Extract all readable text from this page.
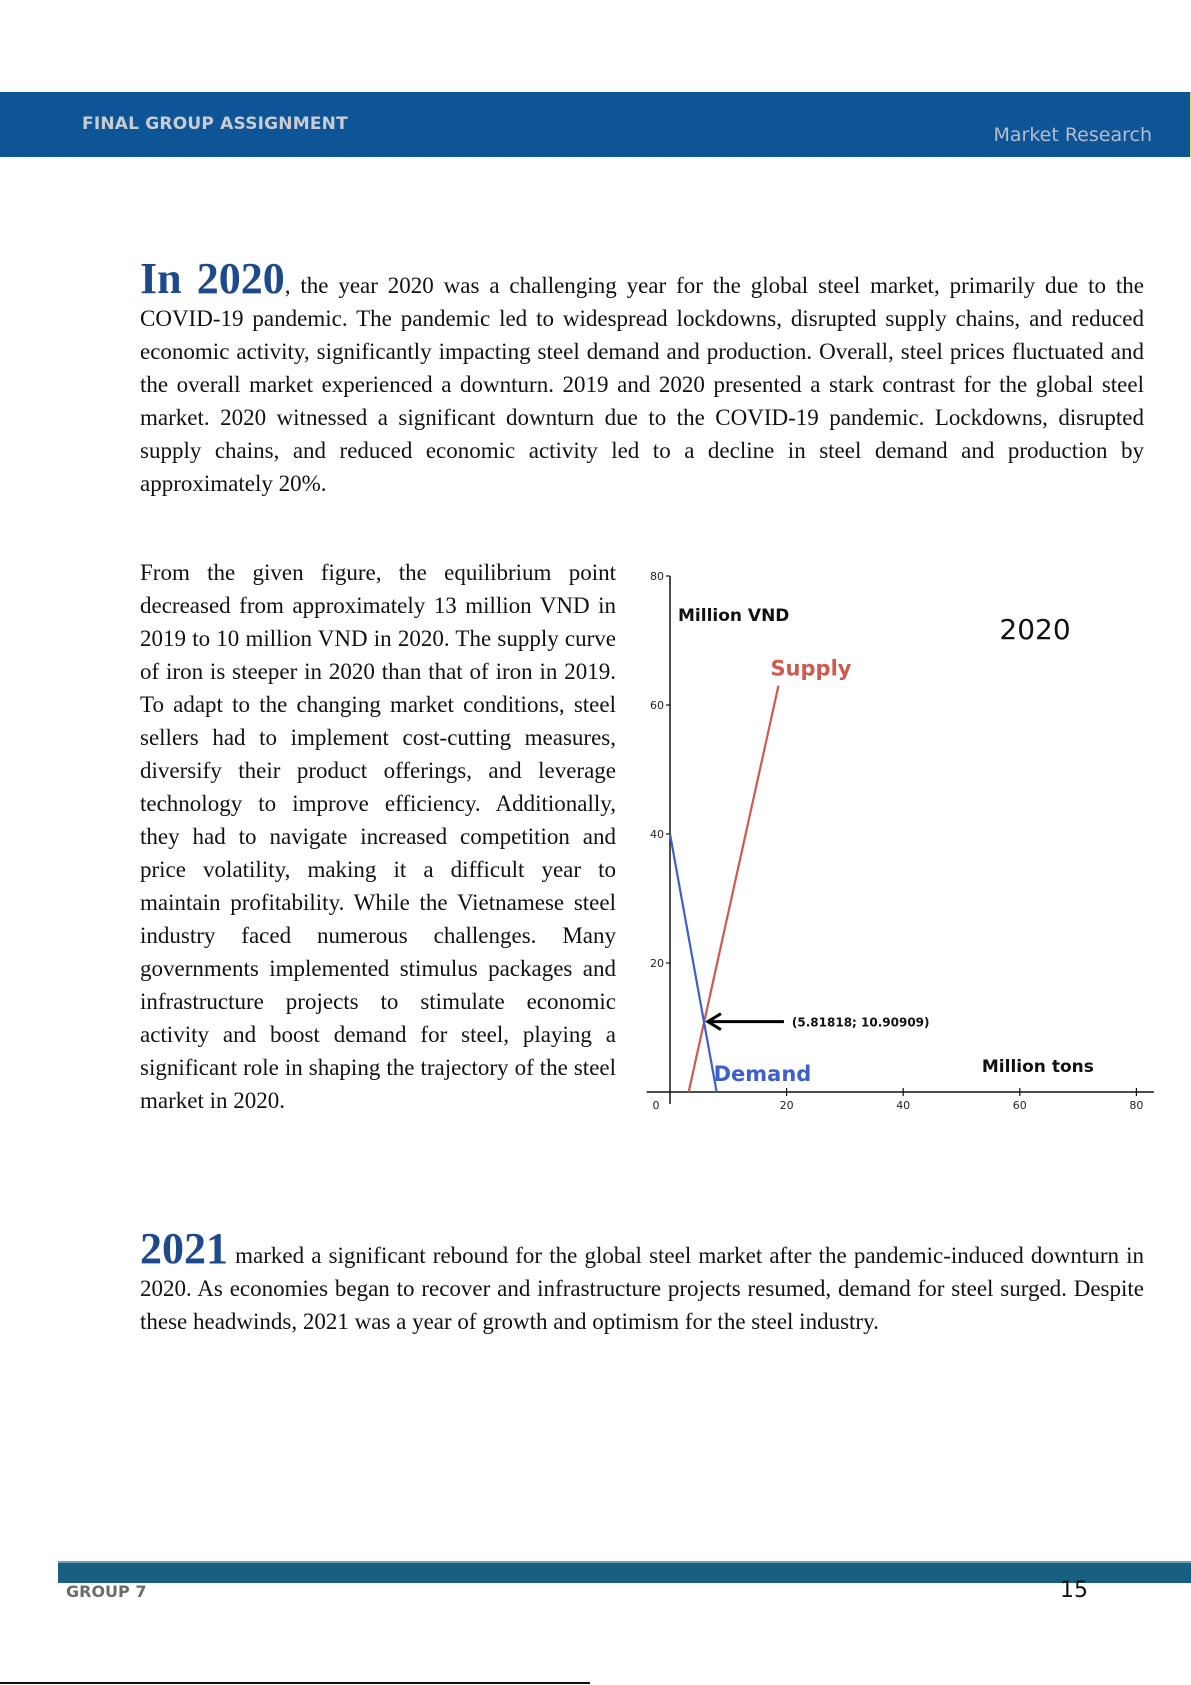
FINAL GROUP ASSIGNMENT	Market Research
In 2020, the year 2020 was a challenging year for the global steel market, primarily due to the COVID-19 pandemic. The pandemic led to widespread lockdowns, disrupted supply chains, and reduced economic activity, significantly impacting steel demand and production. Overall, steel prices fluctuated and the overall market experienced a downturn. 2019 and 2020 presented a stark contrast for the global steel market. 2020 witnessed a significant downturn due to the COVID-19 pandemic. Lockdowns, disrupted supply chains, and reduced economic activity led to a decline in steel demand and production by approximately 20%.
From the given figure, the equilibrium point decreased from approximately 13 million VND in 2019 to 10 million VND in 2020. The supply curve of iron is steeper in 2020 than that of iron in 2019. To adapt to the changing market conditions, steel sellers had to implement cost-cutting measures, diversify their product offerings, and leverage technology to improve efficiency. Additionally, they had to navigate increased competition and price volatility, making it a difficult year to maintain profitability. While the Vietnamese steel industry faced numerous challenges. Many governments implemented stimulus packages and infrastructure projects to stimulate economic activity and boost demand for steel, playing a significant role in shaping the trajectory of the steel market in 2020.	0	20	40	60	80
20
40
60
80
Supply
Demand
Million VND
Million tons
2020
(5.81818; 10.90909)
2021 marked a significant rebound for the global steel market after the pandemic-induced downturn in 2020. As economies began to recover and infrastructure projects resumed, demand for steel surged. Despite these headwinds, 2021 was a year of growth and optimism for the steel industry.
GROUP 7	15
